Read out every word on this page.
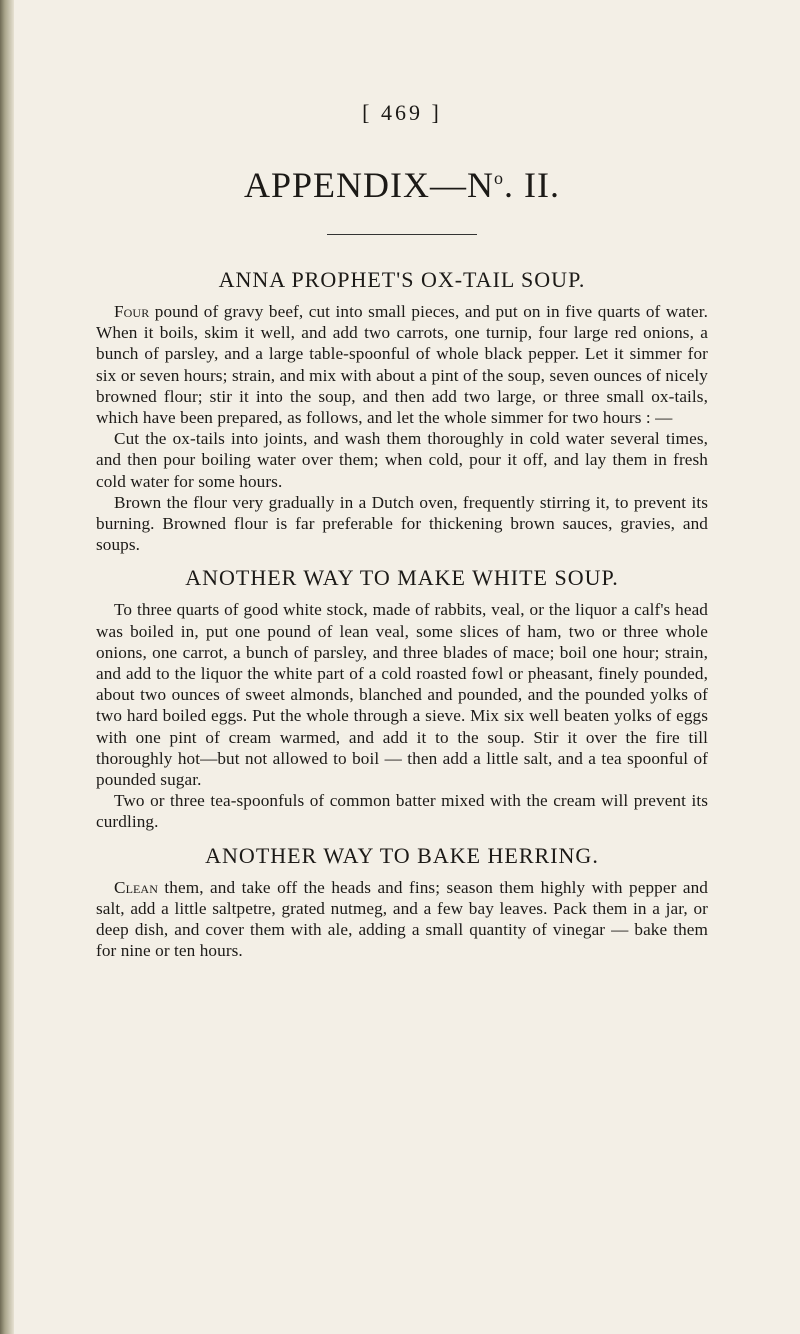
[ 469 ]
$APPENDIX—N^o$. II.
ANNA PROPHET'S OX-TAIL SOUP.

Four pound of gravy beef, cut into small pieces, and put on in five quarts of water. When it boils, skim it well, and add two carrots, one turnip, four large red onions, a bunch of parsley, and a large table-spoonful of whole black pepper. Let it simmer for six or seven hours; strain, and mix with about a pint of the soup, seven ounces of nicely browned flour; stir it into the soup, and then add two large, or three small ox-tails, which have been prepared, as follows, and let the whole simmer for two hours : —

Cut the ox-tails into joints, and wash them thoroughly in cold water several times, and then pour boiling water over them; when cold, pour it off, and lay them in fresh cold water for some hours.

Brown the flour very gradually in a Dutch oven, frequently stirring it, to prevent its burning. Browned flour is far preferable for thickening brown sauces, gravies, and soups.

ANOTHER WAY TO MAKE WHITE SOUP.

To three quarts of good white stock, made of rabbits, veal, or the liquor a calf's head was boiled in, put one pound of lean veal, some slices of ham, two or three whole onions, one carrot, a bunch of parsley, and three blades of mace; boil one hour; strain, and add to the liquor the white part of a cold roasted fowl or pheasant, finely pounded, about two ounces of sweet almonds, blanched and pounded, and the pounded yolks of two hard boiled eggs. Put the whole through a sieve. Mix six well beaten yolks of eggs with one pint of cream warmed, and add it to the soup. Stir it over the fire till thoroughly hot—but not allowed to boil — then add a little salt, and a tea spoonful of pounded sugar.

Two or three tea-spoonfuls of common batter mixed with the cream will prevent its curdling.

ANOTHER WAY TO BAKE HERRING.

Clean them, and take off the heads and fins; season them highly with pepper and salt, add a little saltpetre, grated nutmeg, and a few bay leaves. Pack them in a jar, or deep dish, and cover them with ale, adding a small quantity of vinegar — bake them for nine or ten hours.
